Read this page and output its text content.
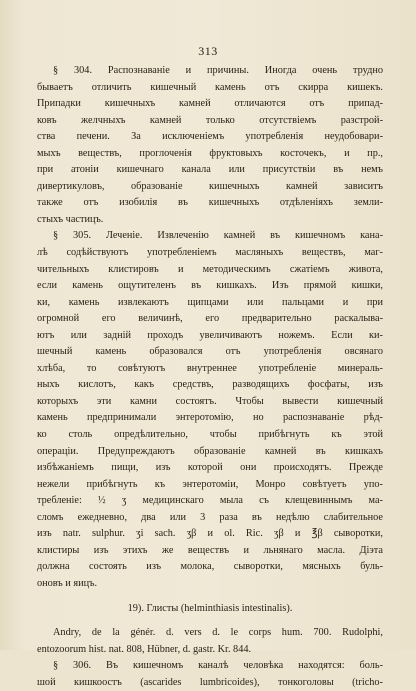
313
§ 304. Распознаваніе и причины. Иногда очень трудно
бываетъ отличить кишечный камень отъ скирра кишекъ.
Припадки кишечныхъ камней отличаются отъ припад-
ковъ желчныхъ камней только отсутствіемъ разстрой-
ства печени. За исключеніемъ употребленія неудобовари-
мыхъ веществъ, проглоченія фруктовыхъ косточекъ, и пр.,
при атоніи кишечнаго канала или присутствіи въ немъ
дивертикуловъ, образованіе кишечныхъ камней зависитъ
также отъ изобилія въ кишечныхъ отдѣленіяхъ земли-
стыхъ частицъ.
§ 305. Леченіе. Извлеченію камней въ кишечномъ кана-
лѣ содѣйствуютъ употребленіемъ масляныхъ веществъ, маг-
чительныхъ клистировъ и методическимъ сжатіемъ живота,
если камень ощутителенъ въ кишкахъ. Изъ прямой кишки,
ки, камень извлекаютъ щипцами или пальцами и при
огромной его величинѣ, его предварительно раскалыва-
ютъ или задній проходъ увеличиваютъ ножемъ. Если ки-
шечный камень образовался отъ употребленія овсянаго
хлѣба, то совѣтуютъ внутреннее употребленіе минераль-
ныхъ кислотъ, какъ средствъ, разводящихъ фосфаты, изъ
которыхъ эти камни состоятъ. Чтобы вывести кишечный
камень предпринимали энтеротомію, но распознаваніе рѣд-
ко столь опредѣлительно, чтобы прибѣгнуть къ этой
операціи. Предупреждаютъ образованіе камней въ кишкахъ
избѣжаніемъ пищи, изъ которой они происходятъ. Прежде
нежели прибѣгнуть къ энтеротоміи, Монро совѣтуетъ упо-
требленіе: ½ ʒ медицинскаго мыла съ клещевиннымъ ма-
сломъ ежедневно, два или 3 раза въ недѣлю слабительное
изъ natr. sulphur. ʒi sach. ʒβ и ol. Ric. ʒβ и ℥β сыворотки,
клистиры изъ этихъ же веществъ и льнянаго масла. Діэта
должна состоять изъ молока, сыворотки, мясныхъ буль-
оновъ и яицъ.
19). Глисты (helminthiasis intestinalis).
Andry, de la génér. d. vers d. le corps hum. 700. Rudolphi,
entozoorum hist. nat. 808, Hübner, d. gastr. Kr. 844.
§ 306. Въ кишечномъ каналѣ человѣка находятся: боль-
шой кишкоостъ (ascarides lumbricoides), тонкоголовы (tricho-
